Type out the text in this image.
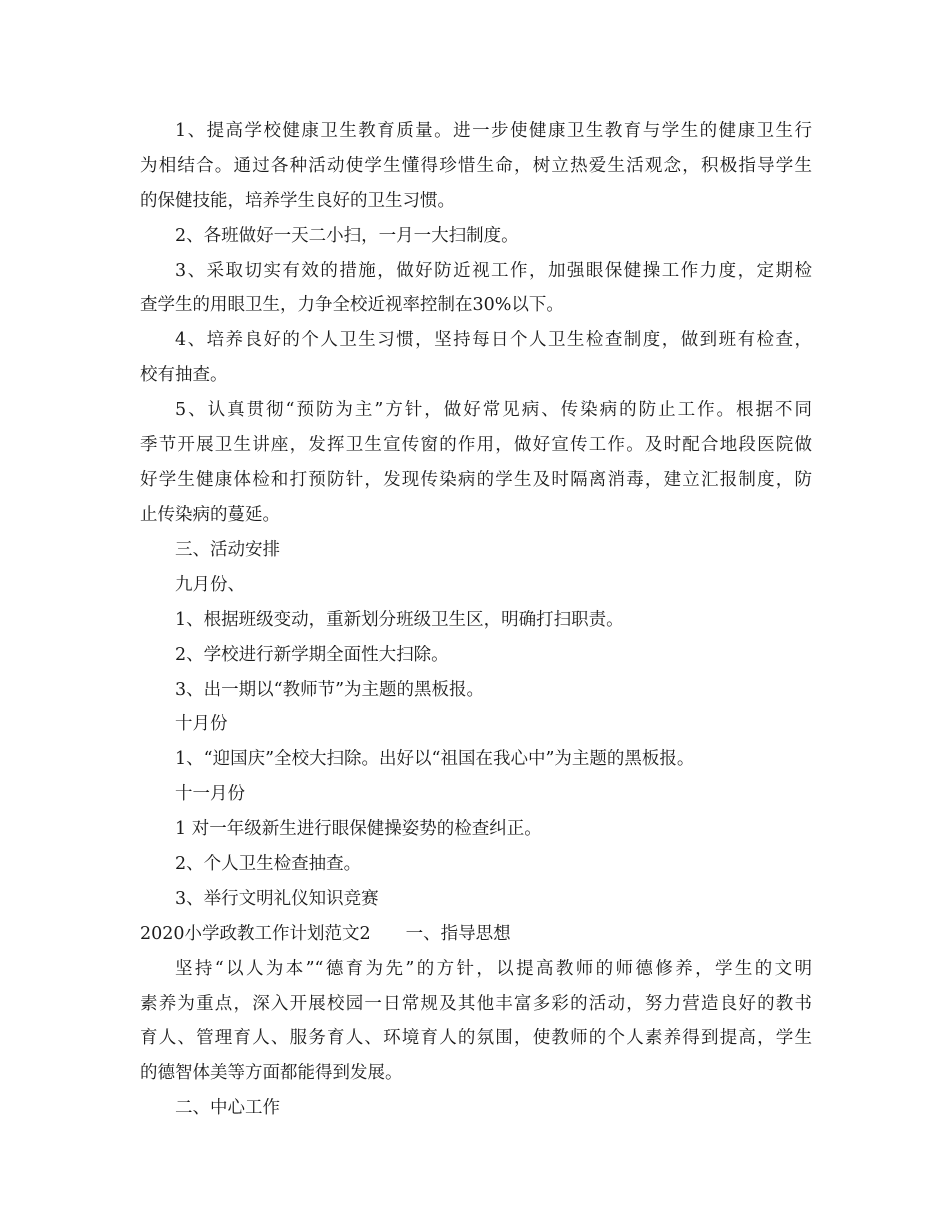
1、提高学校健康卫生教育质量。进一步使健康卫生教育与学生的健康卫生行
为相结合。通过各种活动使学生懂得珍惜生命，树立热爱生活观念，积极指导学生
的保健技能，培养学生良好的卫生习惯。
2、各班做好一天二小扫，一月一大扫制度。
3、采取切实有效的措施，做好防近视工作，加强眼保健操工作力度，定期检
查学生的用眼卫生，力争全校近视率控制在30%以下。
4、培养良好的个人卫生习惯，坚持每日个人卫生检查制度，做到班有检查，
校有抽查。
5、认真贯彻“预防为主”方针，做好常见病、传染病的防止工作。根据不同
季节开展卫生讲座，发挥卫生宣传窗的作用，做好宣传工作。及时配合地段医院做
好学生健康体检和打预防针，发现传染病的学生及时隔离消毒，建立汇报制度，防
止传染病的蔓延。
三、活动安排
九月份、
1、根据班级变动，重新划分班级卫生区，明确打扫职责。
2、学校进行新学期全面性大扫除。
3、出一期以“教师节”为主题的黑板报。
十月份
1、“迎国庆”全校大扫除。出好以“祖国在我心中”为主题的黑板报。
十一月份
1 对一年级新生进行眼保健操姿势的检查纠正。
2、个人卫生检查抽查。
3、举行文明礼仪知识竞赛
2020小学政教工作计划范文2　　一、指导思想
坚持“以人为本”“德育为先”的方针，以提高教师的师德修养，学生的文明
素养为重点，深入开展校园一日常规及其他丰富多彩的活动，努力营造良好的教书
育人、管理育人、服务育人、环境育人的氛围，使教师的个人素养得到提高，学生
的德智体美等方面都能得到发展。
二、中心工作
